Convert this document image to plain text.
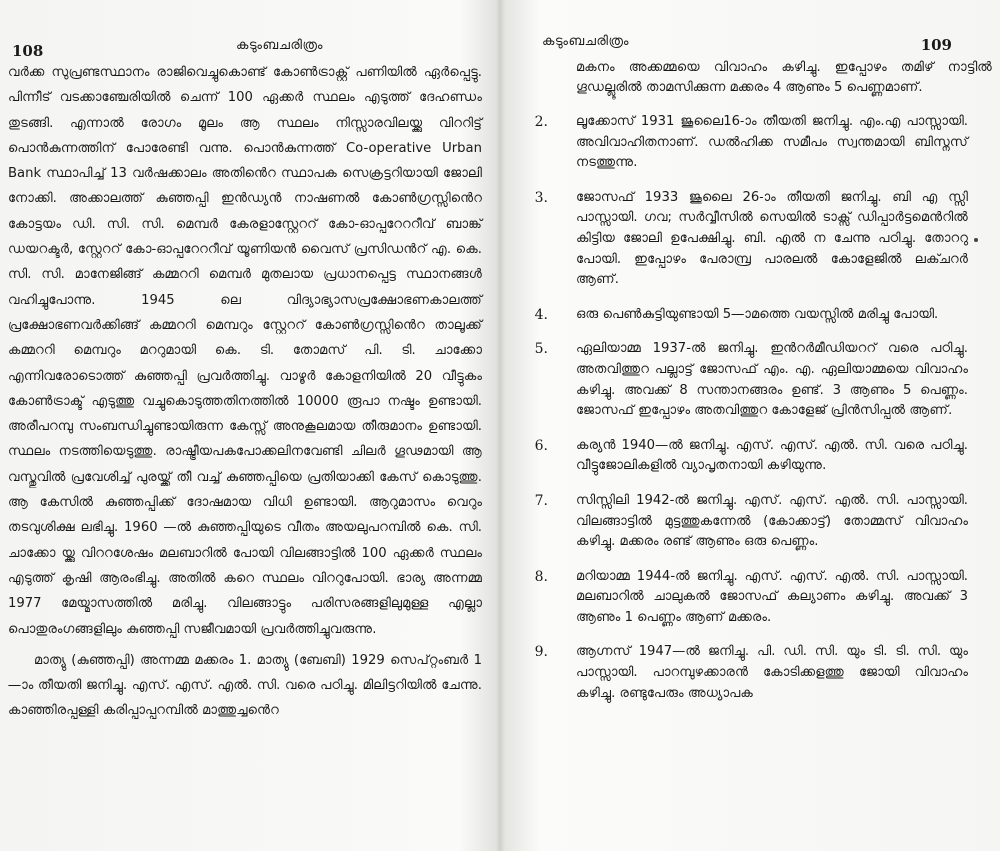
108	കടുംബചരിത്രം

വർക്ക സുപ്രണ്ടസ്ഥാനം രാജിവെച്ചുകൊണ്ട് കോൺട്രാക്റ്റ് പണിയിൽ ഏർപ്പെട്ടു. പിന്നീട് വടക്കാഞ്ചേരിയിൽ ചെന്ന് 100 ഏക്കർ സ്ഥലം എടുത്ത് ദേഹണ്ഡം തുടങ്ങി. എന്നാൽ രോഗം മൂലം ആ സ്ഥലം നിസ്സാരവിലയ്ക്കു വിററിട്ട് പൊൻകുന്നത്തിന് പോരേണ്ടി വന്നു. പൊൻകുന്നത്ത് Co-operative Urban Bank സ്ഥാപിച്ച് 13 വർഷക്കാലം അതിൻെറ സ്ഥാപക സെക്രട്ടറിയായി ജോലി നോക്കി. അക്കാലത്ത് കുഞ്ഞപ്പി ഇൻഡ്യൻ നാഷണൽ കോൺഗ്രസ്സിൻെറ കോട്ടയം ഡി. സി. സി. മെമ്പർ കേരളാസ്റ്റേററ് കോ-ഓപ്പറേററീവ് ബാങ്ക് ഡയറക്ടർ, സ്റ്റേററ് കോ-ഓപ്പറേററീവ് യൂണിയൻ വൈസ് പ്രസിഡൻറ് എ. കെ. സി. സി. മാനേജിങ്ങ് കമ്മററി മെമ്പർ മുതലായ പ്രധാനപ്പെട്ട സ്ഥാനങ്ങൾ വഹിച്ചുപോന്നു. 1945 ലെ വിദ്യാഭ്യാസപ്രക്ഷോഭണകാലത്ത് പ്രക്ഷോഭണവർക്കിങ്ങ് കമ്മററി മെമ്പറും സ്റ്റേററ് കോൺഗ്രസ്സിൻെറ താലൂക്ക് കമ്മററി മെമ്പറും മററുമായി കെ. ടി. തോമസ് പി. ടി. ചാക്കോ എന്നിവരോടൊത്ത് കുഞ്ഞപ്പി പ്രവർത്തിച്ചു. വാഴൂർ കോളനിയിൽ 20 വീട്ടുകം കോൺട്രാക്ട് എടുത്തു വച്ചുകൊടുത്തതിനത്തിൽ 10000 രൂപാ നഷ്ടം ഉണ്ടായി. അരീപറമ്പു സംബന്ധിച്ചുണ്ടായിരുന്ന കേസ്സ് അനുകൂലമായ തീരുമാനം ഉണ്ടായി. സ്ഥലം നടത്തിയെടുത്തു. രാഷ്ട്രീയപകപോക്കലിനവേണ്ടി ചിലർ ഗൂഢമായി ആ വസ്തുവിൽ പ്രവേശിച്ച് പുരയ്ക്ക് തീ വച്ച് കുഞ്ഞപ്പിയെ പ്രതിയാക്കി കേസ് കൊടുത്തു. ആ കേസിൽ കുഞ്ഞപ്പിക്ക് ദോഷമായ വിധി ഉണ്ടായി. ആറുമാസം വെറും തടവുശിക്ഷ ലഭിച്ചു. 1960 —ൽ കുഞ്ഞപ്പിയുടെ വീതം അയലുപറമ്പിൽ കെ. സി. ചാക്കോ യ്ക്കു വിററശേഷം മലബാറിൽ പോയി വിലങ്ങാട്ടിൽ 100 ഏക്കർ സ്ഥലം എടുത്ത് കൃഷി ആരംഭിച്ചു. അതിൽ കറെ സ്ഥലം വിററുപോയി. ഭാര്യ അന്നമ്മ 1977 മേയ്മാസത്തിൽ മരിച്ചു. വിലങ്ങാട്ടും പരിസരങ്ങളിലുമുള്ള എല്ലാ പൊതുരംഗങ്ങളിലും കുഞ്ഞപ്പി സജീവമായി പ്രവർത്തിച്ചുവരുന്നു.

മാത്യു (കുഞ്ഞപ്പി) അന്നമ്മ മക്കരം 1. മാത്യു (ബേബി) 1929 സെപ്റ്റംബർ 1—ാം തീയതി ജനിച്ചു. എസ്. എസ്. എൽ. സി. വരെ പഠിച്ചു. മിലിട്ടറിയിൽ ചേന്നു. കാഞ്ഞിരപ്പള്ളി കരിപ്പാപ്പറമ്പിൽ മാത്തുച്ചൻെറ

കടുംബചരിത്രം	109

മകനം അക്കമ്മയെ വിവാഹം കഴിച്ചു. ഇപ്പോഴം തമിഴ് നാട്ടിൽ ഗൂഡല്ലൂരിൽ താമസിക്കുന്ന മക്കരം 4 ആണും 5 പെണ്ണമാണ്.

2. ലൂക്കോസ് 1931 ജൂലൈ16-ാം തീയതി ജനിച്ചു. എം.എ പാസ്സായി. അവിവാഹിതനാണ്. ഡൽഹിക്ക സമീപം സ്വന്തമായി ബിസ്നസ് നടത്തുന്നു.
3. ജോസഫ് 1933 ജൂലൈ 26-ാം തീയതി ജനിച്ചു. ബി എ സ്സി പാസ്സായി. ഗവ; സർവ്വീസിൽ സെയിൽ ടാക്സ് ഡിപ്പാർട്ടമെൻറിൽ കിട്ടിയ ജോലി ഉപേക്ഷിച്ചു. ബി. എൽ ന ചേന്നു പഠിച്ചു. തോററു പോയി. ഇപ്പോഴം പേരാമ്പ്ര പാരലൽ കോളേജിൽ ലക്ചറർ ആണ്.
4. ഒരു പെൺകുട്ടിയുണ്ടായി 5—ാമത്തെ വയസ്സിൽ മരിച്ചു പോയി.
5. ഏലിയാമ്മ 1937-ൽ ജനിച്ചു. ഇൻറർമീഡിയററ് വരെ പഠിച്ചു. അതവിത്തുറ പല്ലാട്ട് ജോസഫ് എം. എ. ഏലിയാമ്മയെ വിവാഹം കഴിച്ചു. അവക്ക് 8 സന്താനങ്ങരം ഉണ്ട്. 3 ആണും 5 പെണ്ണം. ജോസഫ് ഇപ്പോഴം അതവിത്തുറ കോളേജ് പ്രിൻസിപ്പൽ ആണ്.
6. കര്യൻ 1940—ൽ ജനിച്ചു. എസ്. എസ്. എൽ. സി. വരെ പഠിച്ചു. വീട്ടുജോലികളിൽ വ്യാപൃതനായി കഴിയുന്നു.
7. സിസ്സിലി 1942-ൽ ജനിച്ചു. എസ്. എസ്. എൽ. സി. പാസ്സായി. വിലങ്ങാട്ടിൽ മുട്ടത്തുകന്നേൽ (കോക്കാട്ട്) തോമ്മസ് വിവാഹം കഴിച്ചു. മക്കരം രണ്ട് ആണും ഒരു പെണ്ണം.
8. മറിയാമ്മ 1944-ൽ ജനിച്ചു. എസ്. എസ്. എൽ. സി. പാസ്സായി. മലബാറിൽ ചാലുകൽ ജോസഫ് കല്യാണം കഴിച്ചു. അവക്ക് 3 ആണും 1 പെണ്ണം ആണ് മക്കരം.
9. ആഗ്നസ് 1947—ൽ ജനിച്ചു. പി. ഡി. സി. യും ടി. ടി. സി. യും പാസ്സായി. പാറമ്പുഴക്കാരൻ കോടിക്കളത്തു ജോയി വിവാഹം കഴിച്ചു. രണ്ടുപേരും അധ്യാപക
